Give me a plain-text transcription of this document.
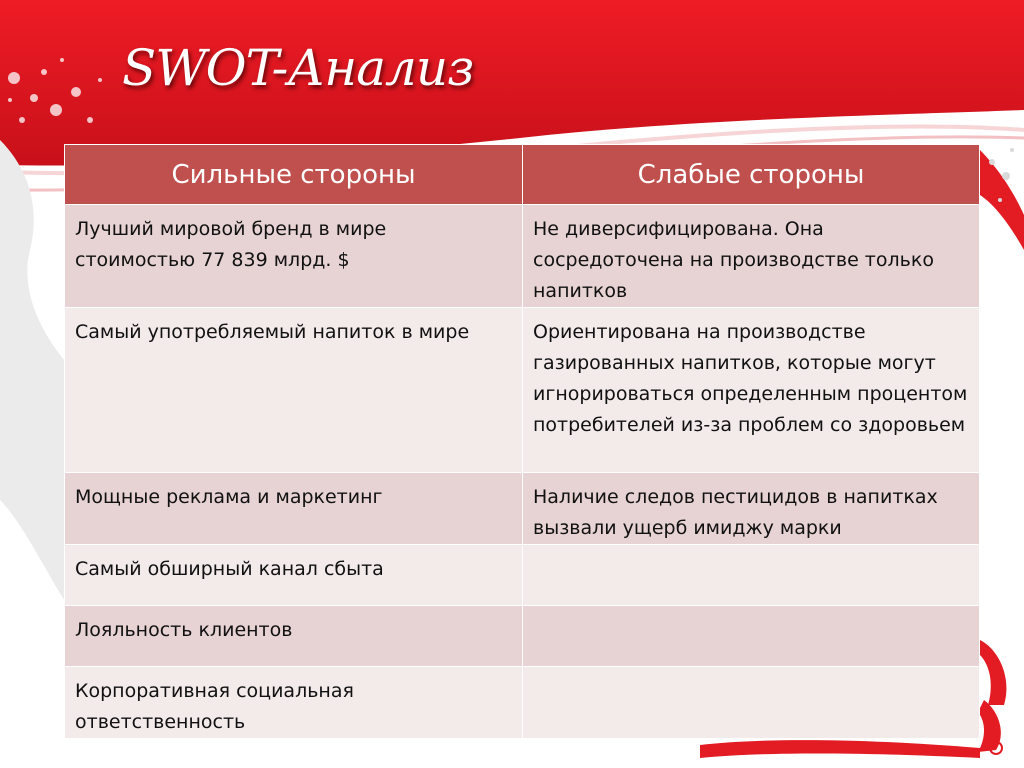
SWOT-Анализ
Сильные стороны	Слабые стороны
Лучший мировой бренд в мире стоимостью 77 839 млрд. $	Не диверсифицирована. Она сосредоточена на производстве только напитков
Самый употребляемый напиток в мире	Ориентирована на производстве газированных напитков, которые могут игнорироваться определенным процентом потребителей из-за проблем со здоровьем
Мощные реклама и маркетинг	Наличие следов пестицидов в напитках вызвали ущерб имиджу марки
Самый обширный канал сбыта	
Лояльность клиентов	
Корпоративная социальная ответственность	
